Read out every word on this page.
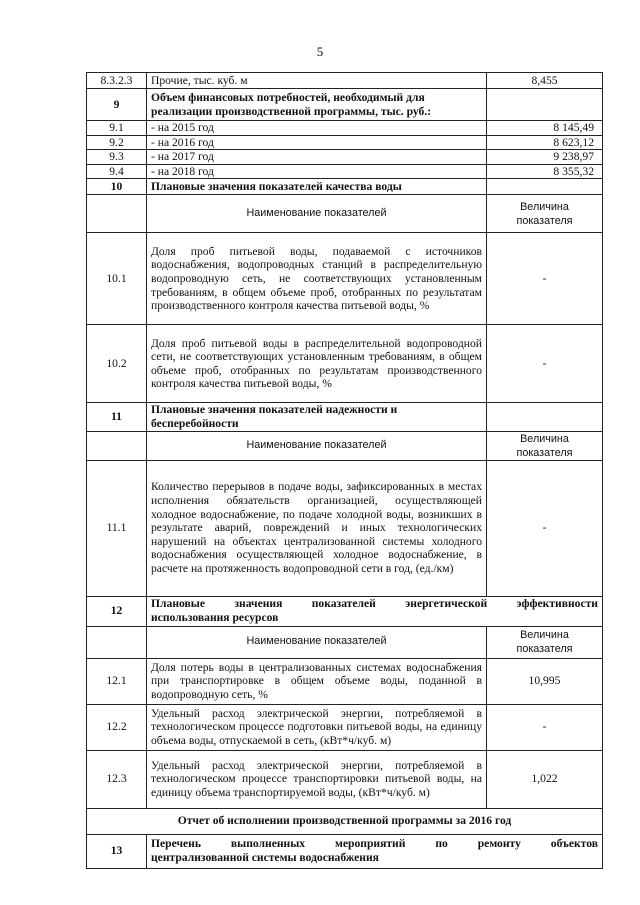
5
8.3.2.3	Прочие, тыс. куб. м	8,455
9	Объем финансовых потребностей, необходимый для реализации производственной программы, тыс. руб.:	
9.1	- на 2015 год	8 145,49
9.2	- на 2016 год	8 623,12
9.3	- на 2017 год	9 238,97
9.4	- на 2018 год	8 355,32
10	Плановые значения показателей качества воды	
	Наименование показателей	Величина
показателя
10.1	Доля проб питьевой воды, подаваемой с источников водоснабжения, водопроводных станций в распределительную водопроводную сеть, не соответствующих установленным требованиям, в общем объеме проб, отобранных по результатам производственного контроля качества питьевой воды, %	-
10.2	Доля проб питьевой воды в распределительной водопроводной сети, не соответствующих установленным требованиям, в общем объеме проб, отобранных по результатам производственного контроля качества питьевой воды, %	-
11	Плановые значения показателей надежности и бесперебойности	
	Наименование показателей	Величина
показателя
11.1	Количество перерывов в подаче воды, зафиксированных в местах исполнения обязательств организацией, осуществляющей холодное водоснабжение, по подаче холодной воды, возникших в результате аварий, повреждений и иных технологических нарушений на объектах централизованной системы холодного водоснабжения осуществляющей холодное водоснабжение, в расчете на протяженность водопроводной сети в год, (ед./км)	-
12	Плановые значения показателей энергетической эффективности
использования ресурсов	

	Наименование показателей	Величина
показателя
12.1	Доля потерь воды в централизованных системах водоснабжения при транспортировке в общем объеме воды, поданной в водопроводную сеть, %	10,995
12.2	Удельный расход электрической энергии, потребляемой в технологическом процессе подготовки питьевой воды, на единицу объема воды, отпускаемой в сеть, (кВт*ч/куб. м)	-
12.3	Удельный расход электрической энергии, потребляемой в технологическом процессе транспортировки питьевой воды, на единицу объема транспортируемой воды, (кВт*ч/куб. м)	1,022
Отчет об исполнении производственной программы за 2016 год		
13	Перечень выполненных мероприятий по ремонту объектов
централизованной системы водоснабжения	
